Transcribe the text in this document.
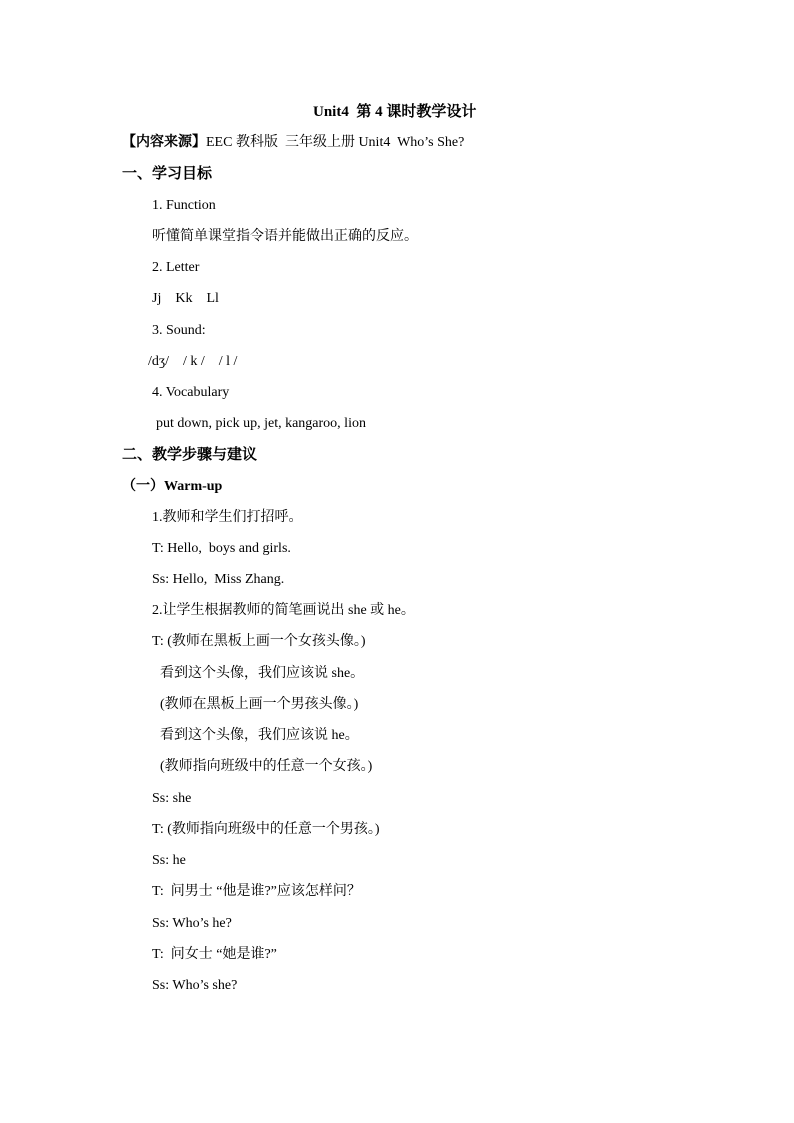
Unit4  第 4 课时教学设计
【内容来源】EEC 教科版  三年级上册 Unit4  Who’s She?
一、学习目标
1. Function
听懂简单课堂指令语并能做出正确的反应。
2. Letter
Jj    Kk    Ll
3. Sound:
/dʒ/    / k /    / l /
4. Vocabulary
put down, pick up, jet, kangaroo, lion
二、教学步骤与建议
（一）Warm-up
1.教师和学生们打招呼。
T: Hello,  boys and girls.
Ss: Hello,  Miss Zhang.
2.让学生根据教师的简笔画说出 she 或 he。
T: (教师在黑板上画一个女孩头像。)
看到这个头像，我们应该说 she。
(教师在黑板上画一个男孩头像。)
看到这个头像，我们应该说 he。
(教师指向班级中的任意一个女孩。)
Ss: she
T: (教师指向班级中的任意一个男孩。)
Ss: he
T:  问男士 “他是谁?”应该怎样问？
Ss: Who’s he?
T:  问女士 “她是谁?”
Ss: Who’s she?
